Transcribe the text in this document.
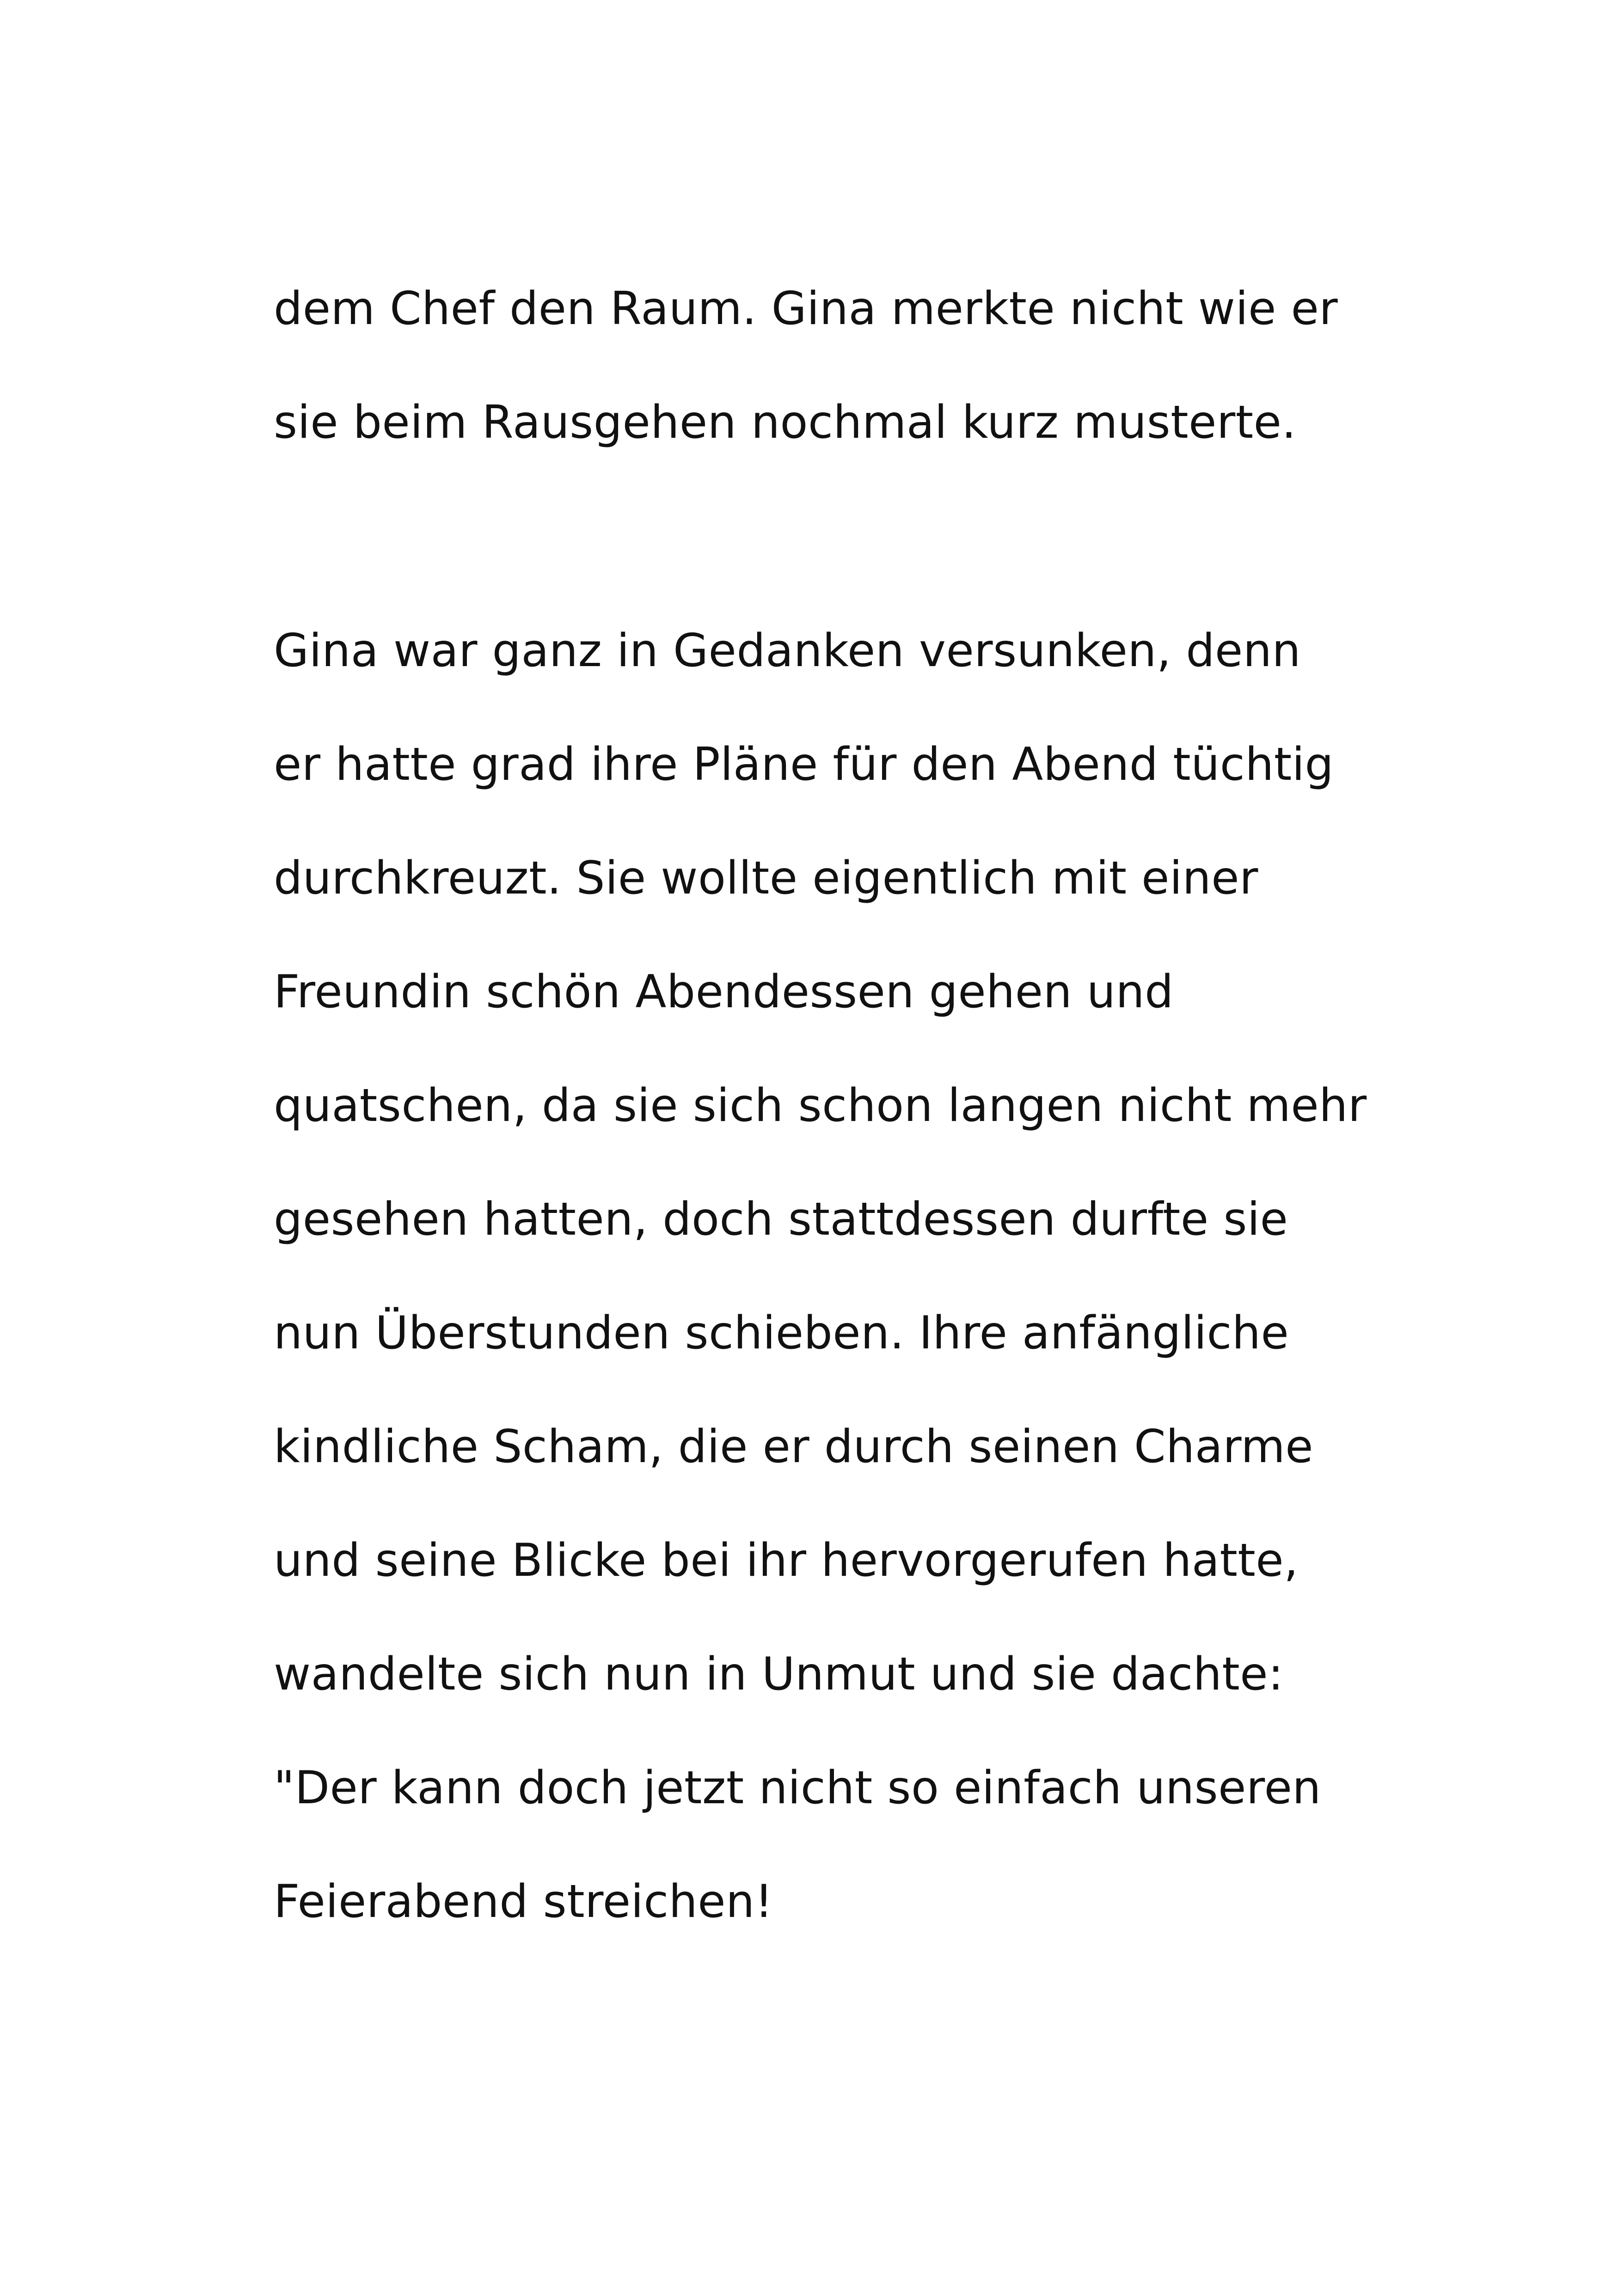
dem Chef den Raum. Gina merkte nicht wie er
sie beim Rausgehen nochmal kurz musterte.
Gina war ganz in Gedanken versunken, denn
er hatte grad ihre Pläne für den Abend tüchtig
durchkreuzt. Sie wollte eigentlich mit einer
Freundin schön Abendessen gehen und
quatschen, da sie sich schon langen nicht mehr
gesehen hatten, doch stattdessen durfte sie
nun Überstunden schieben. Ihre anfängliche
kindliche Scham, die er durch seinen Charme
und seine Blicke bei ihr hervorgerufen hatte,
wandelte sich nun in Unmut und sie dachte:
"Der kann doch jetzt nicht so einfach unseren
Feierabend streichen!
